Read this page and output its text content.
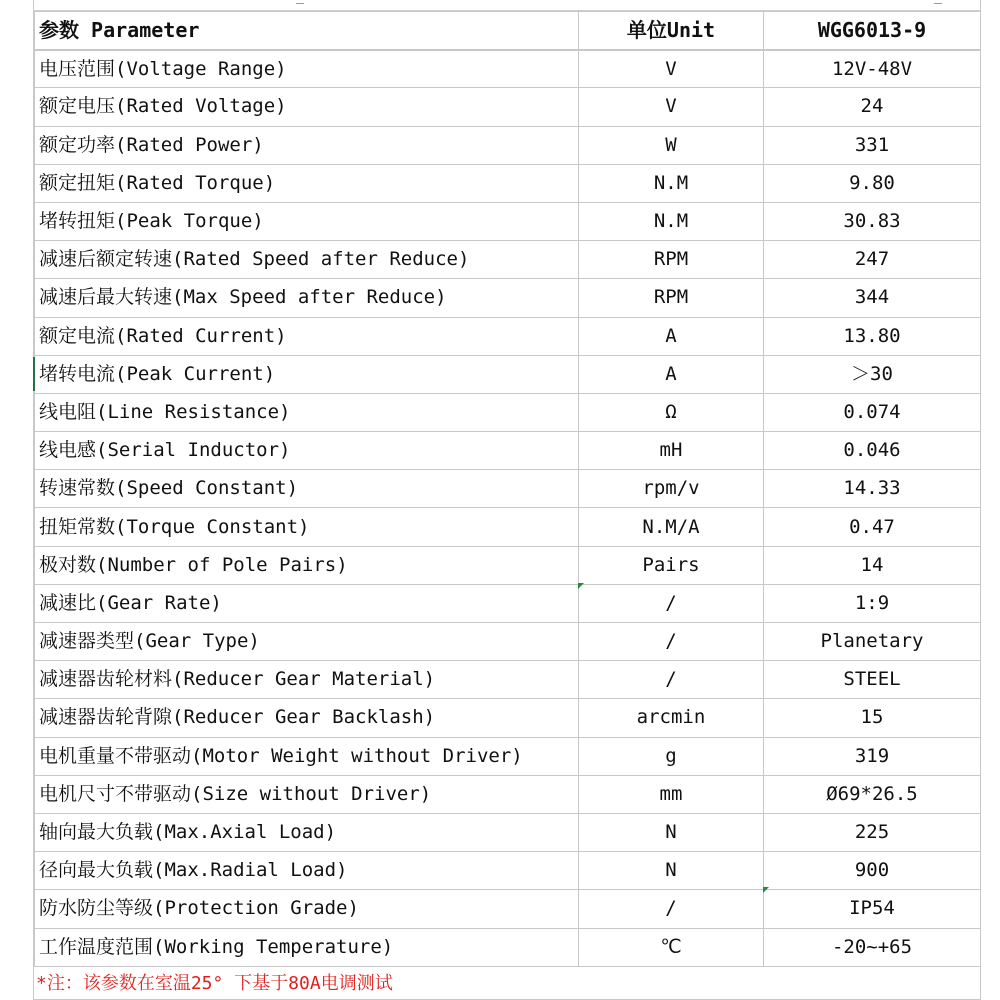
参数 Parameter	单位Unit	WGG6013-9
电压范围(Voltage Range)	V	12V-48V
额定电压(Rated Voltage)	V	24
额定功率(Rated Power)	W	331
额定扭矩(Rated Torque)	N.M	9.80
堵转扭矩(Peak Torque)	N.M	30.83
减速后额定转速(Rated Speed after Reduce)	RPM	247
减速后最大转速(Max Speed after Reduce)	RPM	344
额定电流(Rated Current)	A	13.80
堵转电流(Peak Current)	A	＞30
线电阻(Line Resistance)	Ω	0.074
线电感(Serial Inductor)	mH	0.046
转速常数(Speed Constant)	rpm/v	14.33
扭矩常数(Torque Constant)	N.M/A	0.47
极对数(Number of Pole Pairs)	Pairs	14
减速比(Gear Rate)	/	1:9
减速器类型(Gear Type)	/	Planetary
减速器齿轮材料(Reducer Gear Material)	/	STEEL
减速器齿轮背隙(Reducer Gear Backlash)	arcmin	15
电机重量不带驱动(Motor Weight without Driver)	g	319
电机尺寸不带驱动(Size without Driver)	mm	Ø69*26.5
轴向最大负载(Max.Axial Load)	N	225
径向最大负载(Max.Radial Load)	N	900
防水防尘等级(Protection Grade)	/	IP54
工作温度范围(Working Temperature)	℃	-20~+65
*注：该参数在室温25° 下基于80A电调测试
